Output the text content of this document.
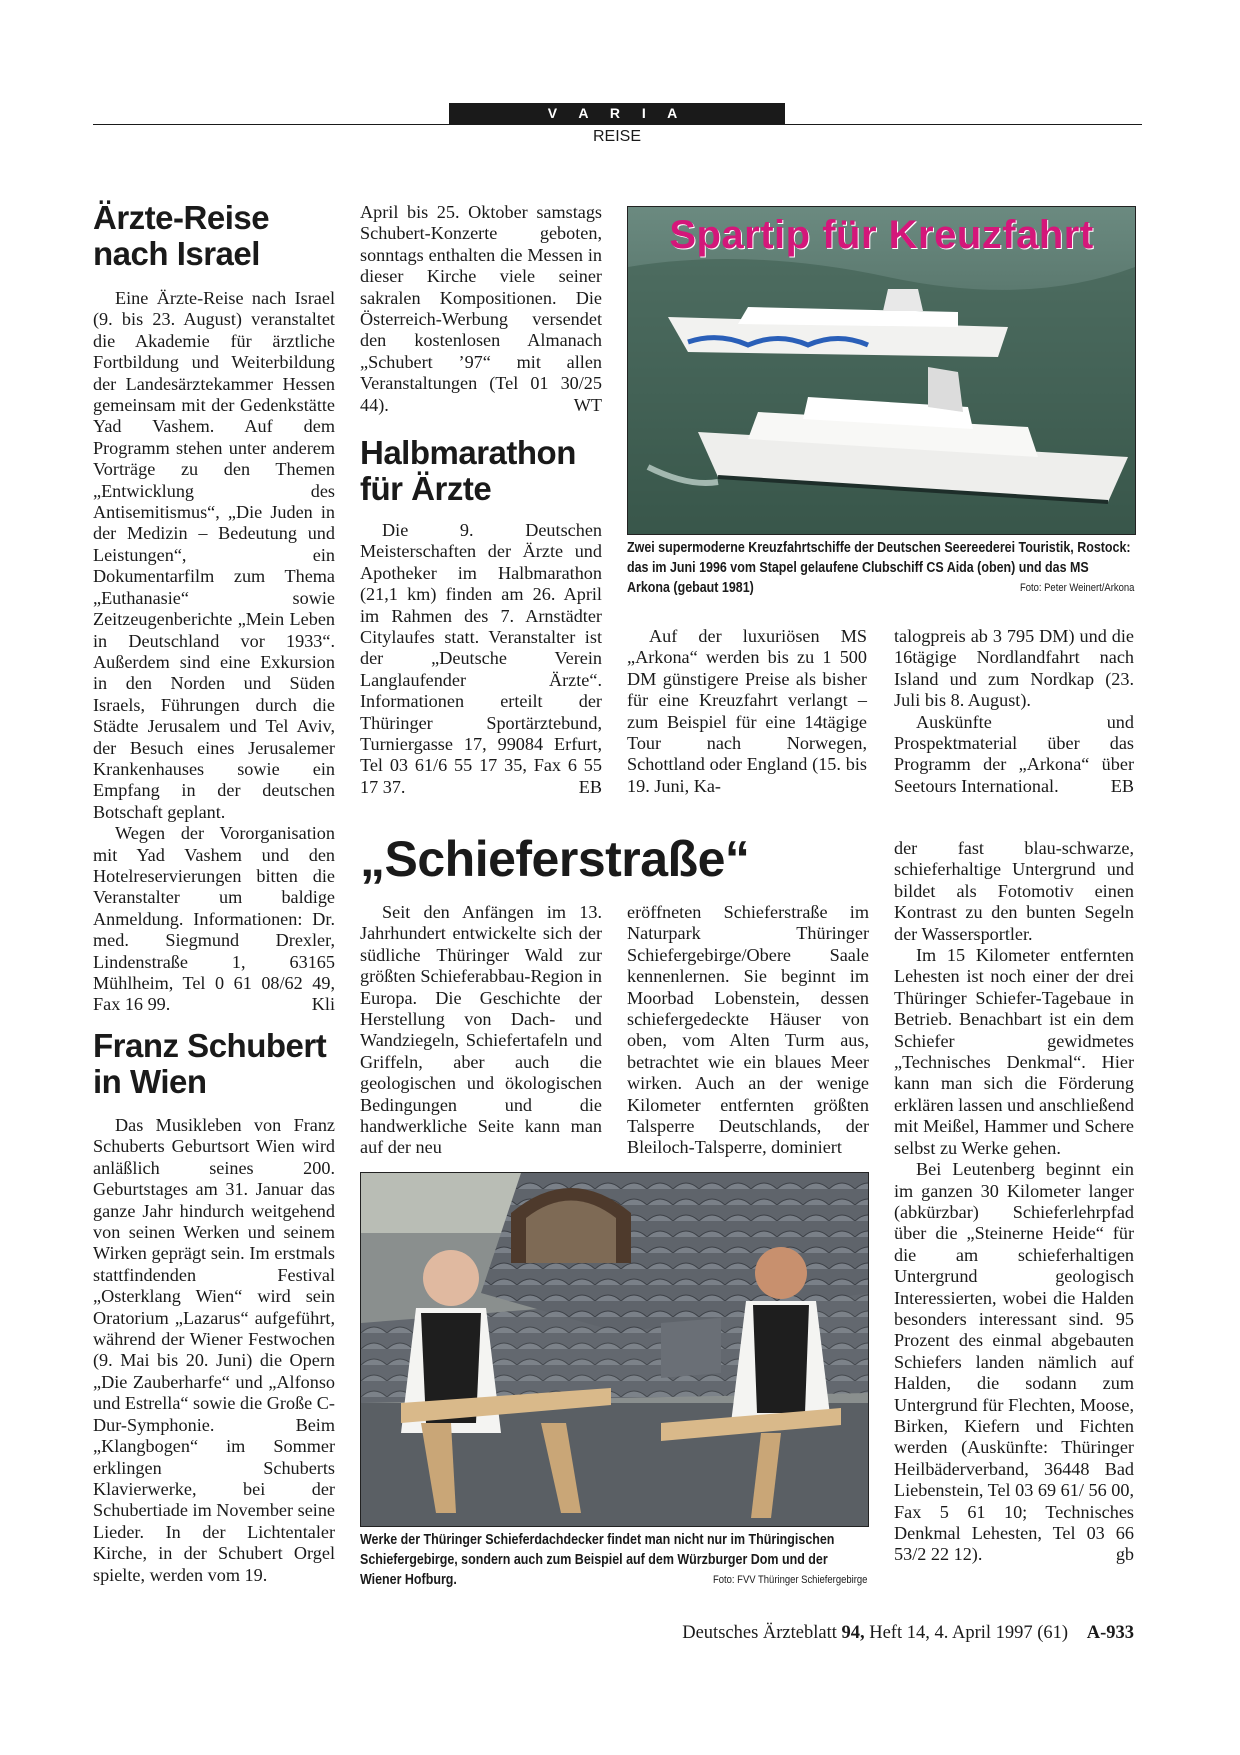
V A R I A
REISE
Ärzte-Reise
nach Israel

Eine Ärzte-Reise nach Israel (9. bis 23. August) veranstaltet die Akademie für ärztliche Fortbildung und Weiterbildung der Landesärztekammer Hessen gemeinsam mit der Gedenkstätte Yad Vashem. Auf dem Programm stehen unter anderem Vorträge zu den Themen „Entwicklung des Antisemitismus“, „Die Juden in der Medizin – Bedeutung und Leistungen“, ein Dokumentarfilm zum Thema „Euthanasie“ sowie Zeitzeugenberichte „Mein Leben in Deutschland vor 1933“. Außerdem sind eine Exkursion in den Norden und Süden Israels, Führungen durch die Städte Jerusalem und Tel Aviv, der Besuch eines Jerusalemer Krankenhauses sowie ein Empfang in der deutschen Botschaft geplant.

Wegen der Vororganisation mit Yad Vashem und den Hotelreservierungen bitten die Veranstalter um baldige Anmeldung. Informationen: Dr. med. Siegmund Drexler, Lindenstraße 1, 63165 Mühlheim, Tel 0 61 08/62 49, Fax 16 99.	Kli

Franz Schubert
in Wien

Das Musikleben von Franz Schuberts Geburtsort Wien wird anläßlich seines 200. Geburtstages am 31. Januar das ganze Jahr hindurch weitgehend von seinen Werken und seinem Wirken geprägt sein. Im erstmals stattfindenden Festival „Osterklang Wien“ wird sein Oratorium „Lazarus“ aufgeführt, während der Wiener Festwochen (9. Mai bis 20. Juni) die Opern „Die Zauberharfe“ und „Alfonso und Estrella“ sowie die Große C-Dur-Symphonie. Beim „Klangbogen“ im Sommer erklingen Schuberts Klavierwerke, bei der Schubertiade im November seine Lieder. In der Lichtentaler Kirche, in der Schubert Orgel spielte, werden vom 19.

April bis 25. Oktober samstags Schubert-Konzerte geboten, sonntags enthalten die Messen in dieser Kirche viele seiner sakralen Kompositionen. Die Österreich-Werbung versendet den kostenlosen Almanach „Schubert ’97“ mit allen Veranstaltungen (Tel 01 30/25 44).	WT

Halbmarathon
für Ärzte

Die 9. Deutschen Meisterschaften der Ärzte und Apotheker im Halbmarathon (21,1 km) finden am 26. April im Rahmen des 7. Arnstädter Citylaufes statt. Veranstalter ist der „Deutsche Verein Langlaufender Ärzte“. Informationen erteilt der Thüringer Sportärztebund, Turniergasse 17, 99084 Erfurt, Tel 03 61/6 55 17 35, Fax 6 55 17 37.	EB

Spartip für Kreuzfahrt
Zwei supermoderne Kreuzfahrtschiffe der Deutschen Seereederei Touristik, Rostock: das im Juni 1996 vom Stapel gelaufene Clubschiff CS Aida (oben) und das MS Arkona (gebaut 1981)	Foto: Peter Weinert/Arkona

Auf der luxuriösen MS „Arkona“ werden bis zu 1 500 DM günstigere Preise als bisher für eine Kreuzfahrt verlangt – zum Beispiel für eine 14tägige Tour nach Norwegen, Schottland oder England (15. bis 19. Juni, Ka-

talogpreis ab 3 795 DM) und die 16tägige Nordlandfahrt nach Island und zum Nordkap (23. Juli bis 8. August).

Auskünfte und Prospektmaterial über das Programm der „Arkona“ über Seetours International.	EB

„Schieferstraße“

Seit den Anfängen im 13. Jahrhundert entwickelte sich der südliche Thüringer Wald zur größten Schieferabbau-Region in Europa. Die Geschichte der Herstellung von Dach- und Wandziegeln, Schiefertafeln und Griffeln, aber auch die geologischen und ökologischen Bedingungen und die handwerkliche Seite kann man auf der neu

eröffneten Schieferstraße im Naturpark Thüringer Schiefergebirge/Obere Saale kennenlernen. Sie beginnt im Moorbad Lobenstein, dessen schiefergedeckte Häuser von oben, vom Alten Turm aus, betrachtet wie ein blaues Meer wirken. Auch an der wenige Kilometer entfernten größten Talsperre Deutschlands, der Bleiloch-Talsperre, dominiert

der fast blau-schwarze, schieferhaltige Untergrund und bildet als Fotomotiv einen Kontrast zu den bunten Segeln der Wassersportler.

Im 15 Kilometer entfernten Lehesten ist noch einer der drei Thüringer Schiefer-Tagebaue in Betrieb. Benachbart ist ein dem Schiefer gewidmetes „Technisches Denkmal“. Hier kann man sich die Förderung erklären lassen und anschließend mit Meißel, Hammer und Schere selbst zu Werke gehen.

Bei Leutenberg beginnt ein im ganzen 30 Kilometer langer (abkürzbar) Schieferlehrpfad über die „Steinerne Heide“ für die am schieferhaltigen Untergrund geologisch Interessierten, wobei die Halden besonders interessant sind. 95 Prozent des einmal abgebauten Schiefers landen nämlich auf Halden, die sodann zum Untergrund für Flechten, Moose, Birken, Kiefern und Fichten werden (Auskünfte: Thüringer Heilbäderverband, 36448 Bad Liebenstein, Tel 03 69 61/ 56 00, Fax 5 61 10; Technisches Denkmal Lehesten, Tel 03 66 53/2 22 12).	gb

Werke der Thüringer Schieferdachdecker findet man nicht nur im Thüringischen Schiefergebirge, sondern auch zum Beispiel auf dem Würzburger Dom und der Wiener Hofburg.	Foto: FVV Thüringer Schiefergebirge
Deutsches Ärzteblatt 94, Heft 14, 4. April 1997 (61) A-933
